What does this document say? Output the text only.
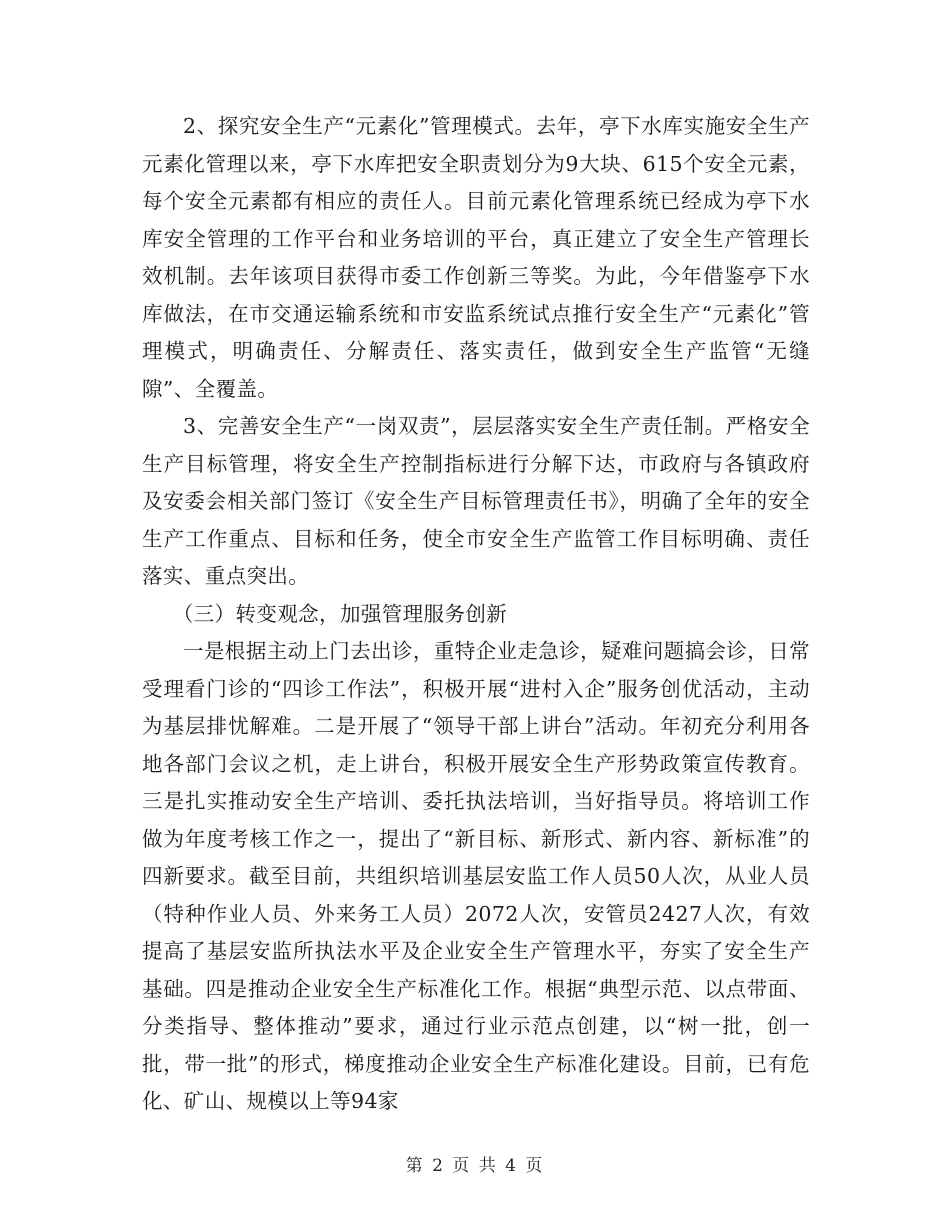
2、探究安全生产“元素化”管理模式。去年，亭下水库实施安全生产元素化管理以来，亭下水库把安全职责划分为9大块、615个安全元素，每个安全元素都有相应的责任人。目前元素化管理系统已经成为亭下水库安全管理的工作平台和业务培训的平台，真正建立了安全生产管理长效机制。去年该项目获得市委工作创新三等奖。为此，今年借鉴亭下水库做法，在市交通运输系统和市安监系统试点推行安全生产“元素化”管理模式，明确责任、分解责任、落实责任，做到安全生产监管“无缝隙”、全覆盖。

3、完善安全生产“一岗双责”，层层落实安全生产责任制。严格安全生产目标管理，将安全生产控制指标进行分解下达，市政府与各镇政府及安委会相关部门签订《安全生产目标管理责任书》，明确了全年的安全生产工作重点、目标和任务，使全市安全生产监管工作目标明确、责任落实、重点突出。

（三）转变观念，加强管理服务创新

一是根据主动上门去出诊，重特企业走急诊，疑难问题搞会诊，日常受理看门诊的“四诊工作法”，积极开展“进村入企”服务创优活动，主动为基层排忧解难。二是开展了“领导干部上讲台”活动。年初充分利用各地各部门会议之机，走上讲台，积极开展安全生产形势政策宣传教育。三是扎实推动安全生产培训、委托执法培训，当好指导员。将培训工作做为年度考核工作之一，提出了“新目标、新形式、新内容、新标准”的四新要求。截至目前，共组织培训基层安监工作人员50人次，从业人员（特种作业人员、外来务工人员）2072人次，安管员2427人次，有效提高了基层安监所执法水平及企业安全生产管理水平，夯实了安全生产基础。四是推动企业安全生产标准化工作。根据“典型示范、以点带面、分类指导、整体推动”要求，通过行业示范点创建，以“树一批，创一批，带一批”的形式，梯度推动企业安全生产标准化建设。目前，已有危化、矿山、规模以上等94家

第 2 页 共 4 页
